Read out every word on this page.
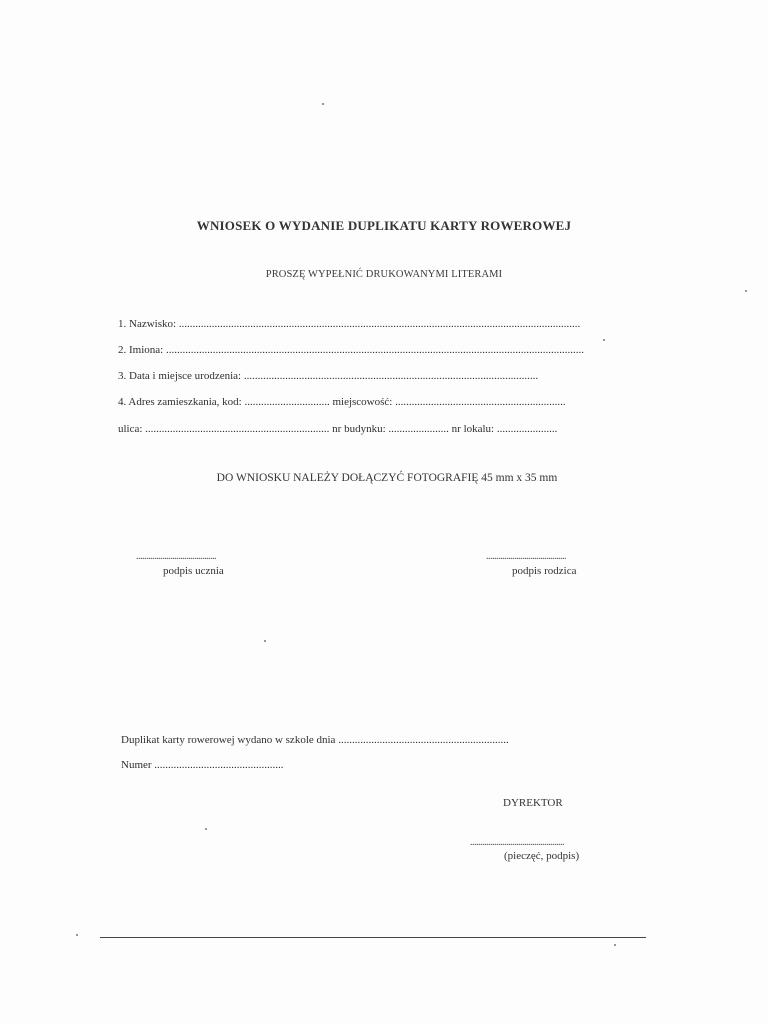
WNIOSEK O WYDANIE DUPLIKATU KARTY ROWEROWEJ
PROSZĘ WYPEŁNIĆ DRUKOWANYMI LITERAMI
1. Nazwisko: ..................................................................................................................................................
2. Imiona: ........................................................................................................................................................
3. Data i miejsce urodzenia: ...........................................................................................................
4. Adres zamieszkania, kod: ............................... miejscowość: ..............................................................
ulica: ................................................................... nr budynku: ...................... nr lokalu: ......................
DO WNIOSKU NALEŻY DOŁĄCZYĆ FOTOGRAFIĘ 45 mm x 35 mm
........................................
podpis ucznia
........................................
podpis rodzica
Duplikat karty rowerowej wydano w szkole dnia ..............................................................
Numer ...............................................
DYREKTOR
...............................................
(pieczęć, podpis)
